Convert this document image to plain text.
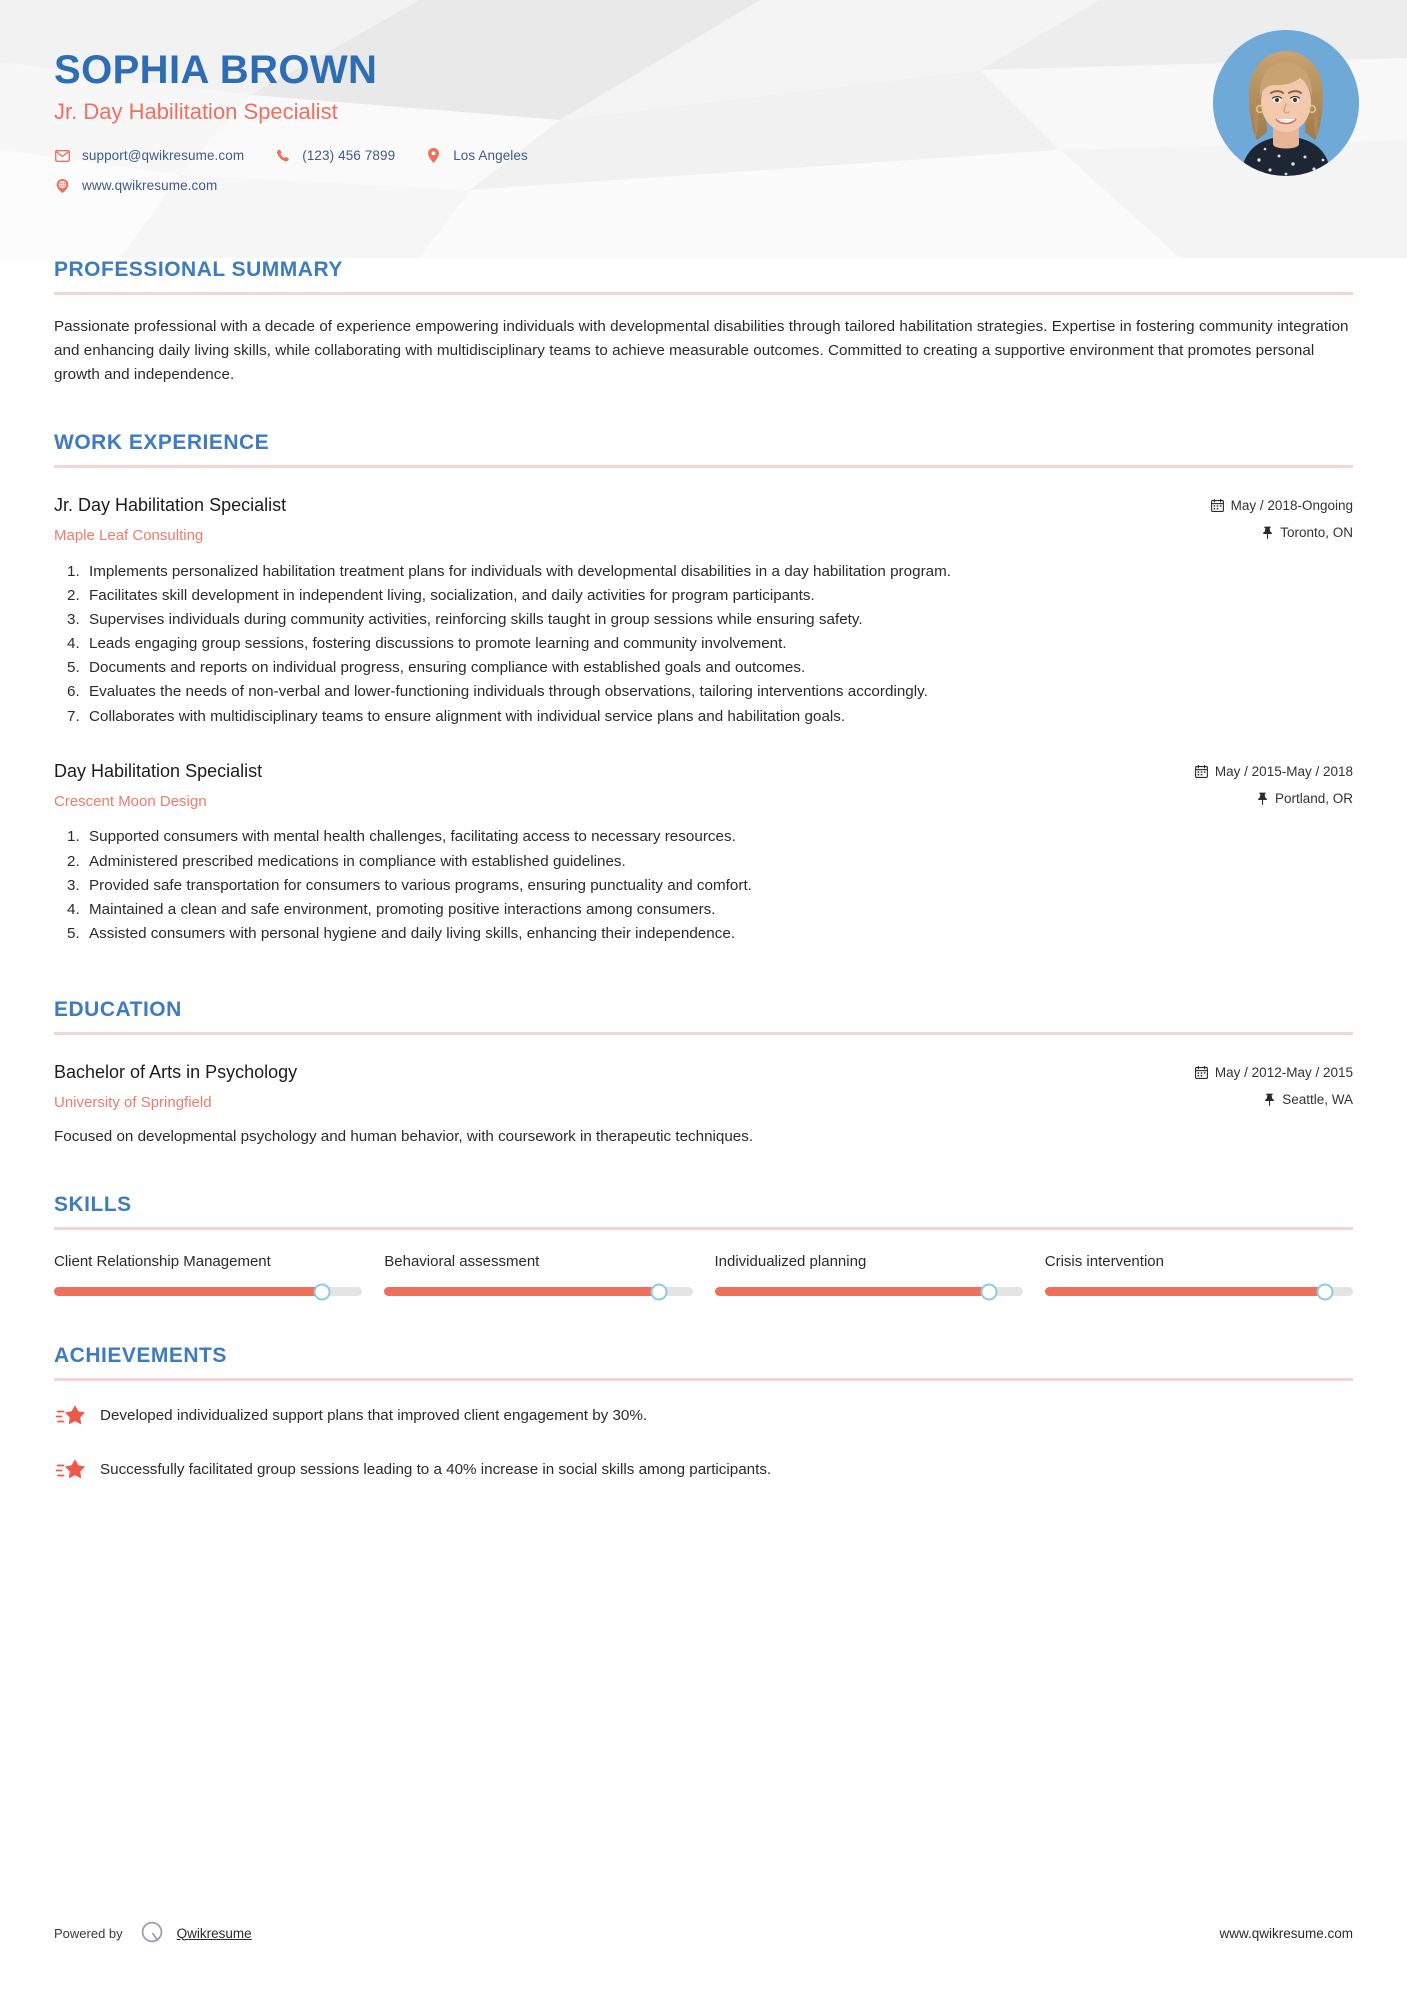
SOPHIA BROWN
Jr. Day Habilitation Specialist
support@qwikresume.com	(123) 456 7899	Los Angeles
www.qwikresume.com
PROFESSIONAL SUMMARY

Passionate professional with a decade of experience empowering individuals with developmental disabilities through tailored habilitation strategies. Expertise in fostering community integration and enhancing daily living skills, while collaborating with multidisciplinary teams to achieve measurable outcomes. Committed to creating a supportive environment that promotes personal growth and independence.

WORK EXPERIENCE
Jr. Day Habilitation Specialist
Maple Leaf Consulting
May / 2018-Ongoing
Toronto, ON
1. Implements personalized habilitation treatment plans for individuals with developmental disabilities in a day habilitation program.
2. Facilitates skill development in independent living, socialization, and daily activities for program participants.
3. Supervises individuals during community activities, reinforcing skills taught in group sessions while ensuring safety.
4. Leads engaging group sessions, fostering discussions to promote learning and community involvement.
5. Documents and reports on individual progress, ensuring compliance with established goals and outcomes.
6. Evaluates the needs of non-verbal and lower-functioning individuals through observations, tailoring interventions accordingly.
7. Collaborates with multidisciplinary teams to ensure alignment with individual service plans and habilitation goals.
Day Habilitation Specialist
Crescent Moon Design
May / 2015-May / 2018
Portland, OR
1. Supported consumers with mental health challenges, facilitating access to necessary resources.
2. Administered prescribed medications in compliance with established guidelines.
3. Provided safe transportation for consumers to various programs, ensuring punctuality and comfort.
4. Maintained a clean and safe environment, promoting positive interactions among consumers.
5. Assisted consumers with personal hygiene and daily living skills, enhancing their independence.
EDUCATION
Bachelor of Arts in Psychology
University of Springfield
May / 2012-May / 2015
Seattle, WA

Focused on developmental psychology and human behavior, with coursework in therapeutic techniques.

SKILLS
Client Relationship Management	Behavioral assessment	Individualized planning	Crisis intervention
ACHIEVEMENTS
Developed individualized support plans that improved client engagement by 30%.
Successfully facilitated group sessions leading to a 40% increase in social skills among participants.
Powered by	Qwikresume	www.qwikresume.com
